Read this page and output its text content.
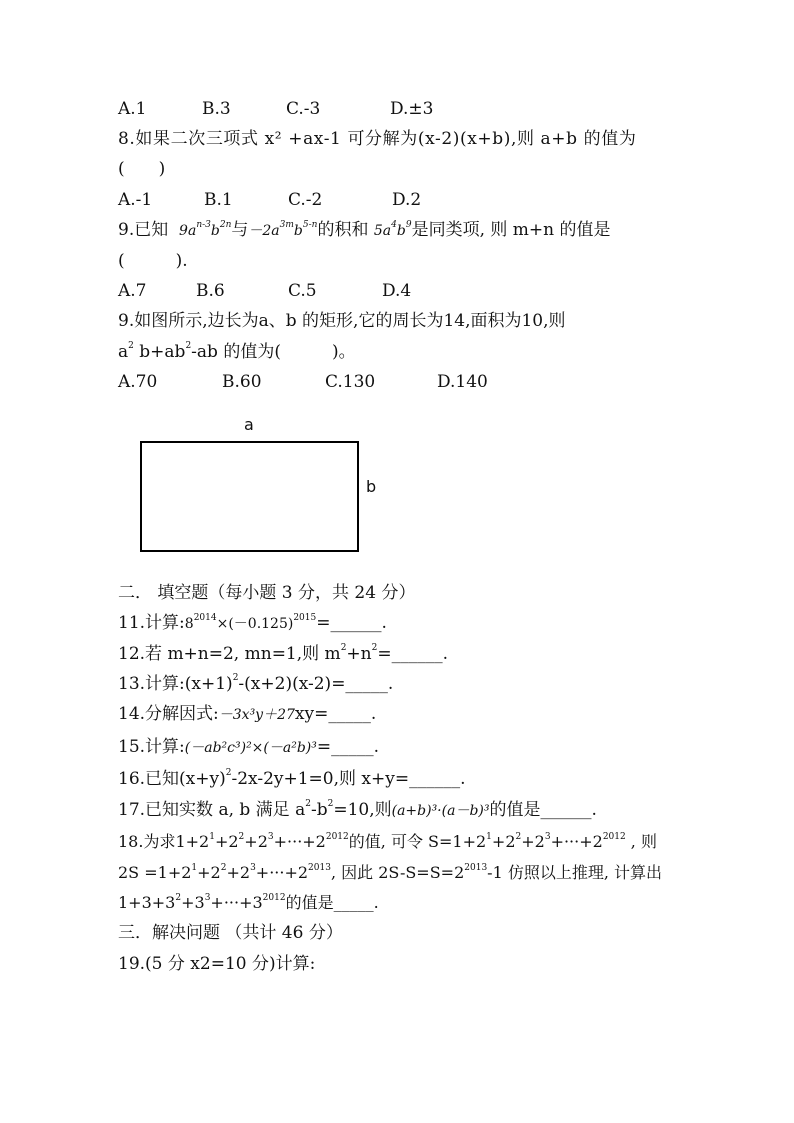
A.1	B.3	C.-3	D.±3
8.如果二次三项式 x² +ax-1 可分解为(x-2)(x+b),则 a+b 的值为
(　　)
A.-1	B.1	C.-2	D.2
9.已知 $9a^{n-3}b^{2n}$与$-2a^{3m}b^{5-n}$的积和 $5a^4b^9$是同类项, 则 m+n 的值是
(　　　).
A.7	B.6	C.5	D.4
9.如图所示,边长为a、b 的矩形,它的周长为14,面积为10,则
$a^2$ $b+ab^2-ab$ 的值为(　　　)。
A.70	B.60	C.130	D.140
a
b
二． 填空题（每小题 3 分，共 24 分）
11.计算$:8^{2014}\times(-0.125)^{2015}=\_\_\_\_\_\_$.
12.若 m+n=2, mn=1,则 $m^2+n^2=\_\_\_\_\_\_$.
13.计算$:(x+1)^2-(x+2)(x-2)=\_\_\_\_\_$.
14.分解因式:－3x³y＋27xy=_____.
15.计算:(－ab²c³)²×(－a²b)³=_____.
16.已知$(x+y)^2-2x-2y+1=0$,则 x+y=______.
17.已知实数 a, b 满足 $a^2-b^2=10$,则(a+b)³·(a－b)³的值是______.
18.为求$1+2^1+2^2+2^3+\cdot\cdot\cdot+2^{2012}$的值, 可令 $S=1+2^1+2^2+2^3+\cdot\cdot\cdot+2^{2012}$ , 则
$2S =1+2^1+2^2+2^3+\cdot\cdot\cdot+2^{2013}$, 因此 $2S-S=S=2^{2013}-1$ 仿照以上推理, 计算出
$1+3+3^2+3^3+\cdot\cdot\cdot+3^{2012}$的值是_____.
三．解决问题 （共计 46 分）
19.(5 分 x2=10 分)计算:
